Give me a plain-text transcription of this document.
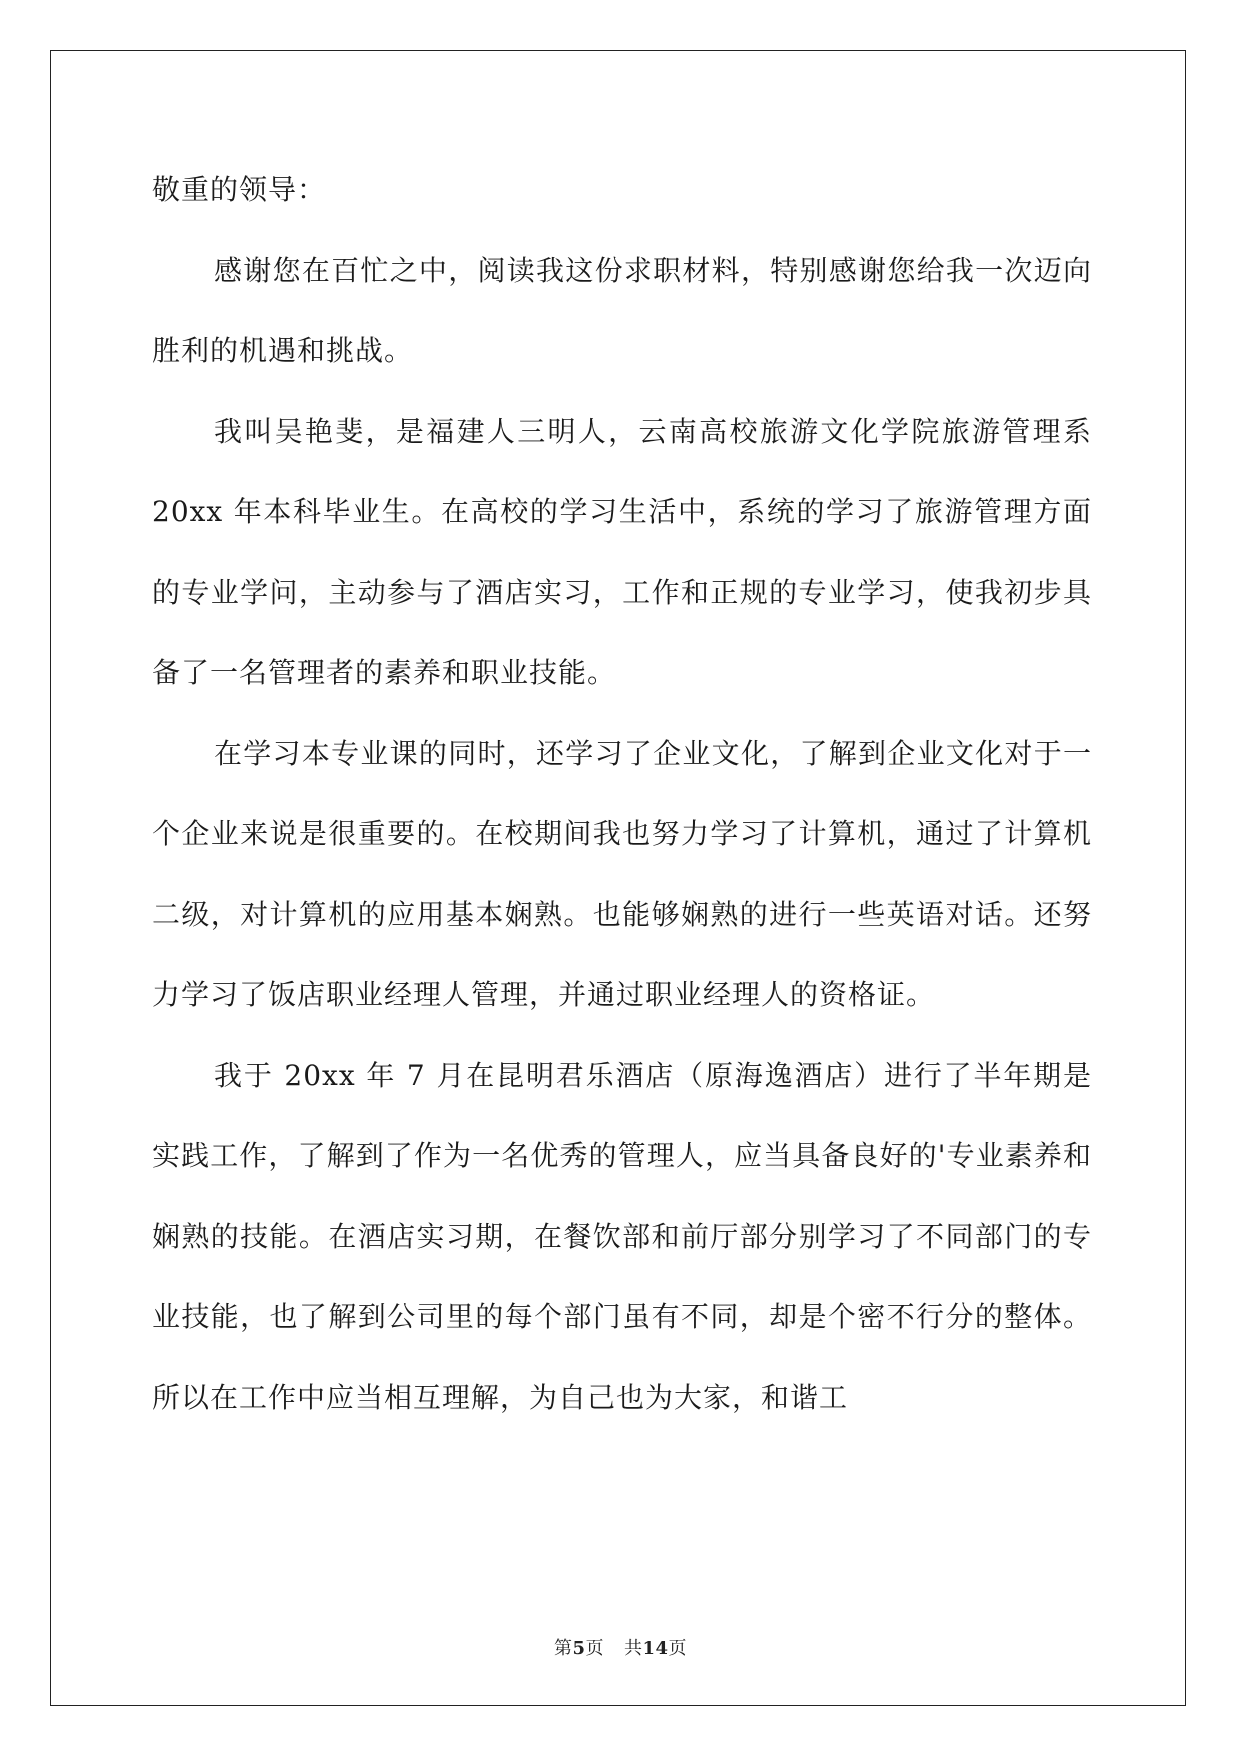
敬重的领导：

感谢您在百忙之中，阅读我这份求职材料，特别感谢您给我一次迈向胜利的机遇和挑战。

我叫吴艳斐，是福建人三明人，云南高校旅游文化学院旅游管理系 20xx 年本科毕业生。在高校的学习生活中，系统的学习了旅游管理方面的专业学问，主动参与了酒店实习，工作和正规的专业学习，使我初步具备了一名管理者的素养和职业技能。

在学习本专业课的同时，还学习了企业文化，了解到企业文化对于一个企业来说是很重要的。在校期间我也努力学习了计算机，通过了计算机二级，对计算机的应用基本娴熟。也能够娴熟的进行一些英语对话。还努力学习了饭店职业经理人管理，并通过职业经理人的资格证。

我于 20xx 年 7 月在昆明君乐酒店（原海逸酒店）进行了半年期是实践工作，了解到了作为一名优秀的管理人，应当具备良好的'专业素养和娴熟的技能。在酒店实习期，在餐饮部和前厅部分别学习了不同部门的专业技能，也了解到公司里的每个部门虽有不同，却是个密不行分的整体。所以在工作中应当相互理解，为自己也为大家，和谐工

第5页 共14页
